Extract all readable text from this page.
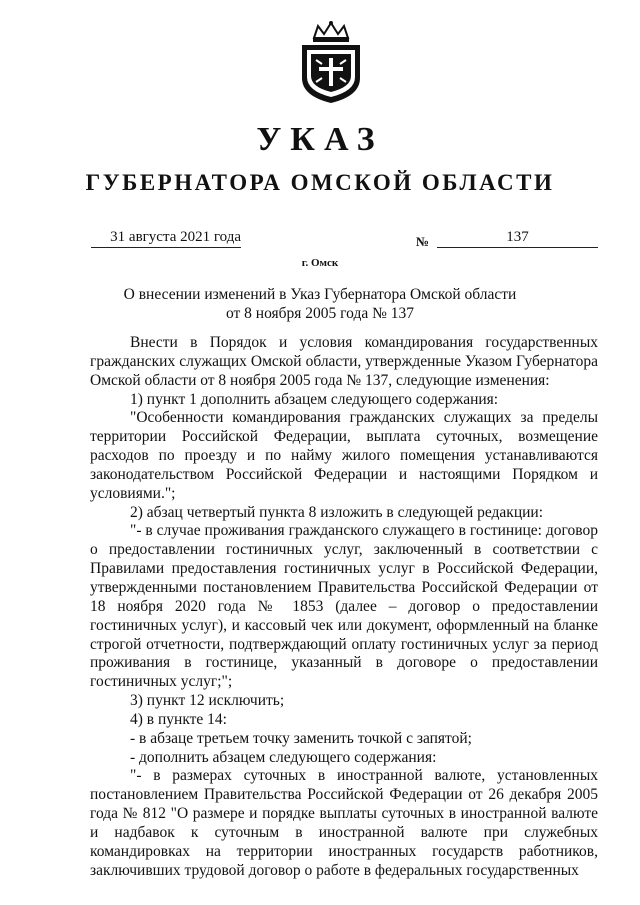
УКАЗ
ГУБЕРНАТОРА ОМСКОЙ ОБЛАСТИ
31 августа 2021 года	№	137
г. Омск
О внесении изменений в Указ Губернатора Омской области
от 8 ноября 2005 года № 137

Внести в Порядок и условия командирования государственных гражданских служащих Омской области, утвержденные Указом Губернатора Омской области от 8 ноября 2005 года № 137, следующие изменения:

1) пункт 1 дополнить абзацем следующего содержания:

"Особенности командирования гражданских служащих за пределы территории Российской Федерации, выплата суточных, возмещение расходов по проезду и по найму жилого помещения устанавливаются законодательством Российской Федерации и настоящими Порядком и условиями.";

2) абзац четвертый пункта 8 изложить в следующей редакции:

"- в случае проживания гражданского служащего в гостинице: договор о предоставлении гостиничных услуг, заключенный в соответствии с Правилами предоставления гостиничных услуг в Российской Федерации, утвержденными постановлением Правительства Российской Федерации от 18 ноября 2020 года № 1853 (далее – договор о предоставлении гостиничных услуг), и кассовый чек или документ, оформленный на бланке строгой отчетности, подтверждающий оплату гостиничных услуг за период проживания в гостинице, указанный в договоре о предоставлении гостиничных услуг;";

3) пункт 12 исключить;

4) в пункте 14:

- в абзаце третьем точку заменить точкой с запятой;

- дополнить абзацем следующего содержания:

"- в размерах суточных в иностранной валюте, установленных постановлением Правительства Российской Федерации от 26 декабря 2005 года № 812 "О размере и порядке выплаты суточных в иностранной валюте и надбавок к суточным в иностранной валюте при служебных командировках на территории иностранных государств работников, заключивших трудовой договор о работе в федеральных государственных
